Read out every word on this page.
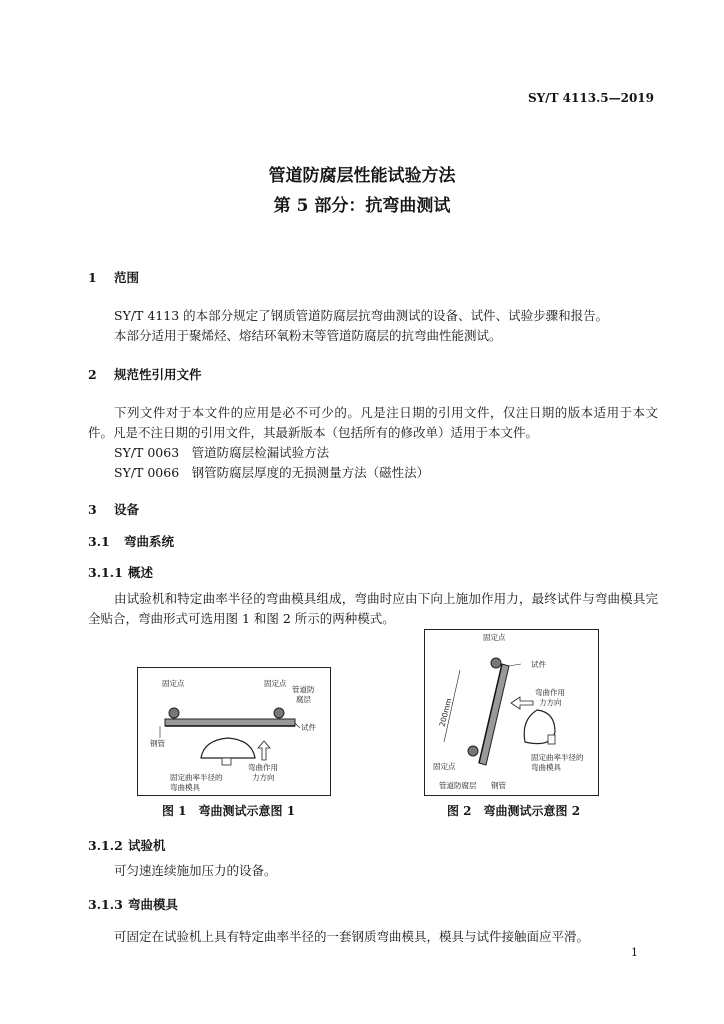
SY/T 4113.5—2019
管道防腐层性能试验方法
第 5 部分：抗弯曲测试
1 范围
SY/T 4113 的本部分规定了钢质管道防腐层抗弯曲测试的设备、试件、试验步骤和报告。
本部分适用于聚烯烃、熔结环氧粉末等管道防腐层的抗弯曲性能测试。
2 规范性引用文件
下列文件对于本文件的应用是必不可少的。凡是注日期的引用文件，仅注日期的版本适用于本文件。凡是不注日期的引用文件，其最新版本（包括所有的修改单）适用于本文件。
SY/T 0063　管道防腐层检漏试验方法
SY/T 0066　钢管防腐层厚度的无损测量方法（磁性法）
3 设备
3.1 弯曲系统
3.1.1 概述
由试验机和特定曲率半径的弯曲模具组成，弯曲时应由下向上施加作用力，最终试件与弯曲模具完全贴合，弯曲形式可选用图 1 和图 2 所示的两种模式。
固定点	固定点
管道防
腐层
试件
钢管
弯曲作用
力方向
固定曲率半径的
弯曲模具
图 1　弯曲测试示意图 1
固定点
试件
弯曲作用
力方向
200mm
固定曲率半径的
弯曲模具
固定点
管道防腐层 钢管
图 2　弯曲测试示意图 2
3.1.2 试验机
可匀速连续施加压力的设备。
3.1.3 弯曲模具
可固定在试验机上具有特定曲率半径的一套钢质弯曲模具，模具与试件接触面应平滑。
1
